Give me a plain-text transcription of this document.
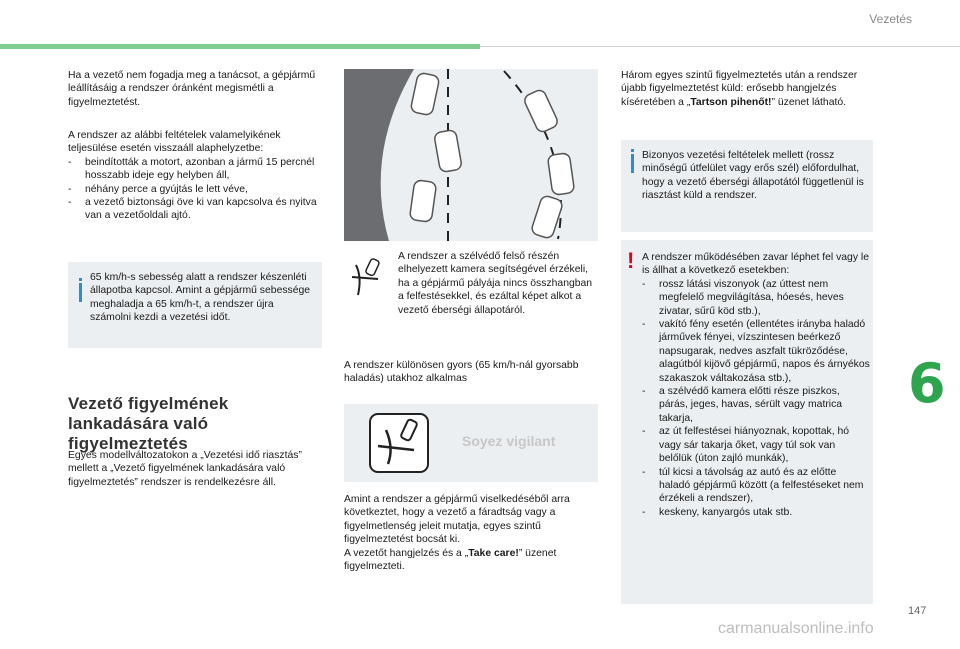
Vezetés

Ha a vezető nem fogadja meg a tanácsot, a gépjármű leállításáig a rendszer óránként megismétli a figyelmeztetést.

A rendszer az alábbi feltételek valamelyikének teljesülése esetén visszaáll alaphelyzetbe:

- beindították a motort, azonban a jármű 15 percnél hosszabb ideje egy helyben áll,
- néhány perce a gyújtás le lett véve,
- a vezető biztonsági öve ki van kapcsolva és nyitva van a vezetőoldali ajtó.
65 km/h-s sebesség alatt a rendszer készenléti állapotba kapcsol. Amint a gépjármű sebessége meghaladja a 65 km/h-t, a rendszer újra számolni kezdi a vezetési időt.
Vezető figyelmének lankadására való figyelmeztetés
Egyes modellváltozatokon a „Vezetési idő riasztás” mellett a „Vezető figyelmének lankadására való figyelmeztetés” rendszer is rendelkezésre áll.
A rendszer a szélvédő felső részén elhelyezett kamera segítségével érzékeli, ha a gépjármű pályája nincs összhangban a felfestésekkel, és ezáltal képet alkot a vezető éberségi állapotáról.
A rendszer különösen gyors (65 km/h-nál gyorsabb haladás) utakhoz alkalmas
Soyez vigilant

Amint a rendszer a gépjármű viselkedéséből arra következtet, hogy a vezető a fáradtság vagy a figyelmetlenség jeleit mutatja, egyes szintű figyelmeztetést bocsát ki.

A vezetőt hangjelzés és a „Take care!” üzenet figyelmezteti.

Három egyes szintű figyelmeztetés után a rendszer újabb figyelmeztetést küld: erősebb hangjelzés kíséretében a „Tartson pihenőt!” üzenet látható.
Bizonyos vezetési feltételek mellett (rossz minőségű útfelület vagy erős szél) előfordulhat, hogy a vezető éberségi állapotától függetlenül is riasztást küld a rendszer.
! A rendszer működésében zavar léphet fel vagy le is állhat a következő esetekben:

- rossz látási viszonyok (az úttest nem megfelelő megvilágítása, hóesés, heves zivatar, sűrű köd stb.),
- vakító fény esetén (ellentétes irányba haladó járművek fényei, vízszintesen beérkező napsugarak, nedves aszfalt tükröződése, alagútból kijövő gépjármű, napos és árnyékos szakaszok váltakozása stb.),
- a szélvédő kamera előtti része piszkos, párás, jeges, havas, sérült vagy matrica takarja,
- az út felfestései hiányoznak, kopottak, hó vagy sár takarja őket, vagy túl sok van belőlük (úton zajló munkák),
- túl kicsi a távolság az autó és az előtte haladó gépjármű között (a felfestéseket nem érzékeli a rendszer),
- keskeny, kanyargós utak stb.
6
147
carmanualsonline.info
